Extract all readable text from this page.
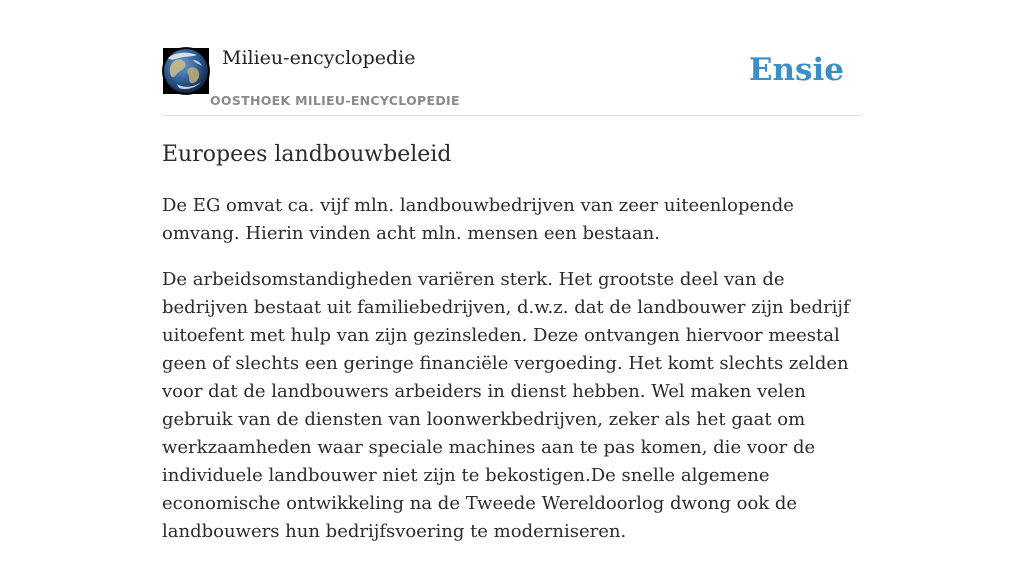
Milieu-encyclopedie
OOSTHOEK MILIEU-ENCYCLOPEDIE
Ensie
Europees landbouwbeleid

De EG omvat ca. vijf mln. landbouwbedrijven van zeer uiteenlopende omvang. Hierin vinden acht mln. mensen een bestaan.

De arbeidsomstandigheden variëren sterk. Het grootste deel van de bedrijven bestaat uit familiebedrijven, d.w.z. dat de landbouwer zijn bedrijf uitoefent met hulp van zijn gezinsleden. Deze ontvangen hiervoor meestal geen of slechts een geringe financiële vergoeding. Het komt slechts zelden voor dat de landbouwers arbeiders in dienst hebben. Wel maken velen gebruik van de diensten van loonwerkbedrijven, zeker als het gaat om werkzaamheden waar speciale machines aan te pas komen, die voor de individuele landbouwer niet zijn te bekostigen.De snelle algemene economische ontwikkeling na de Tweede Wereldoorlog dwong ook de landbouwers hun bedrijfsvoering te moderniseren.
